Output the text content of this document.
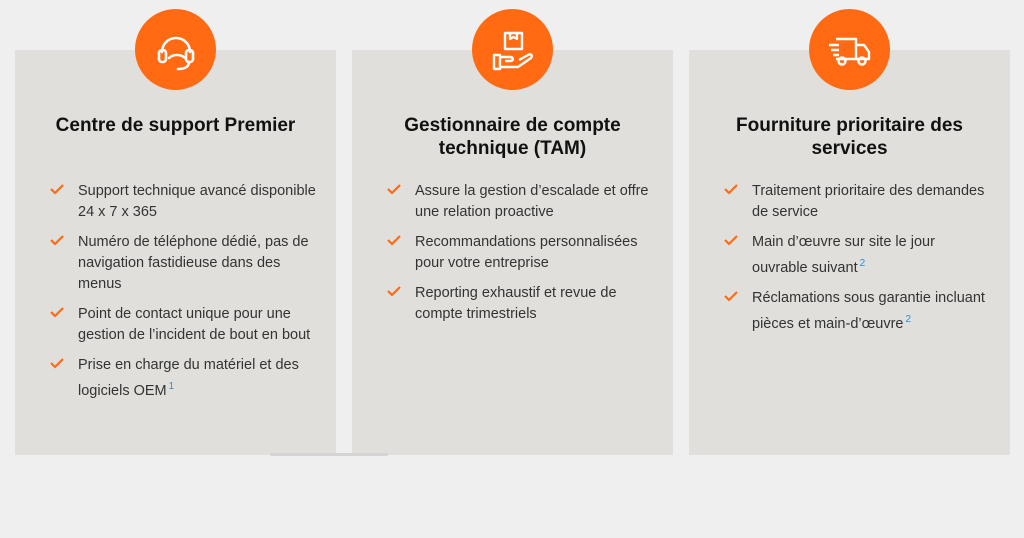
Centre de support Premier
Support technique avancé disponible 24 x 7 x 365
Numéro de téléphone dédié, pas de navigation fastidieuse dans des menus
Point de contact unique pour une gestion de l’incident de bout en bout
Prise en charge du matériel et des logiciels OEM $^1$
Gestionnaire de compte technique (TAM)
Assure la gestion d’escalade et offre une relation proactive
Recommandations personnalisées pour votre entreprise
Reporting exhaustif et revue de compte trimestriels
Fourniture prioritaire des services
Traitement prioritaire des demandes de service
Main d’œuvre sur site le jour ouvrable suivant $^2$
Réclamations sous garantie incluant pièces et main-d’œuvre $^2$
